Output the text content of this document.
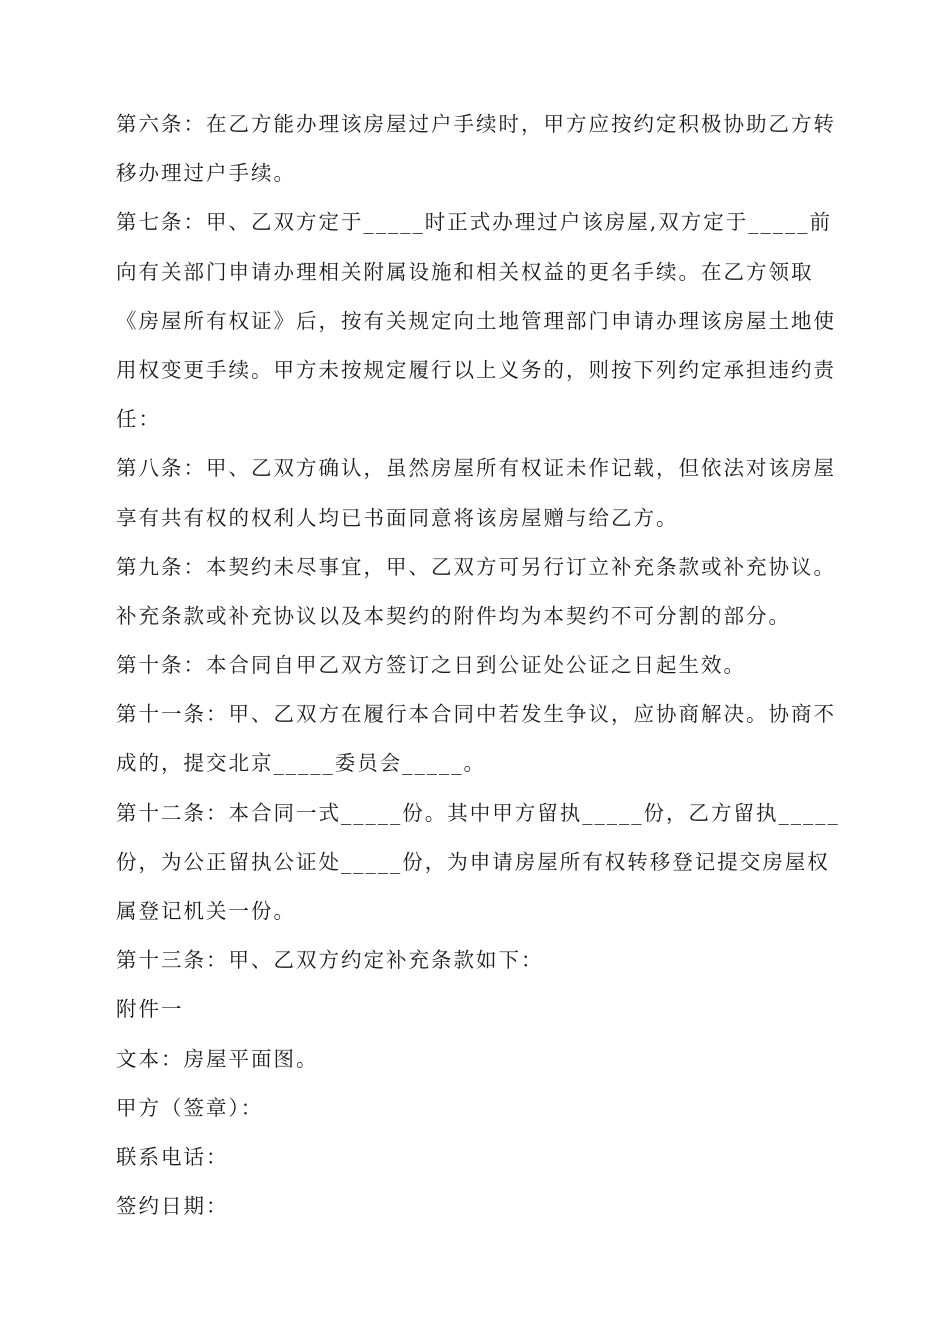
第六条：在乙方能办理该房屋过户手续时，甲方应按约定积极协助乙方转
移办理过户手续。
第七条：甲、乙双方定于_____时正式办理过户该房屋,双方定于_____前
向有关部门申请办理相关附属设施和相关权益的更名手续。在乙方领取
《房屋所有权证》后，按有关规定向土地管理部门申请办理该房屋土地使
用权变更手续。甲方未按规定履行以上义务的，则按下列约定承担违约责
任：
第八条：甲、乙双方确认，虽然房屋所有权证未作记载，但依法对该房屋
享有共有权的权利人均已书面同意将该房屋赠与给乙方。
第九条：本契约未尽事宜，甲、乙双方可另行订立补充条款或补充协议。
补充条款或补充协议以及本契约的附件均为本契约不可分割的部分。
第十条：本合同自甲乙双方签订之日到公证处公证之日起生效。
第十一条：甲、乙双方在履行本合同中若发生争议，应协商解决。协商不
成的，提交北京_____委员会_____。
第十二条：本合同一式_____份。其中甲方留执_____份，乙方留执_____
份，为公正留执公证处_____份，为申请房屋所有权转移登记提交房屋权
属登记机关一份。
第十三条：甲、乙双方约定补充条款如下：
附件一
文本：房屋平面图。
甲方（签章）：
联系电话：
签约日期：
